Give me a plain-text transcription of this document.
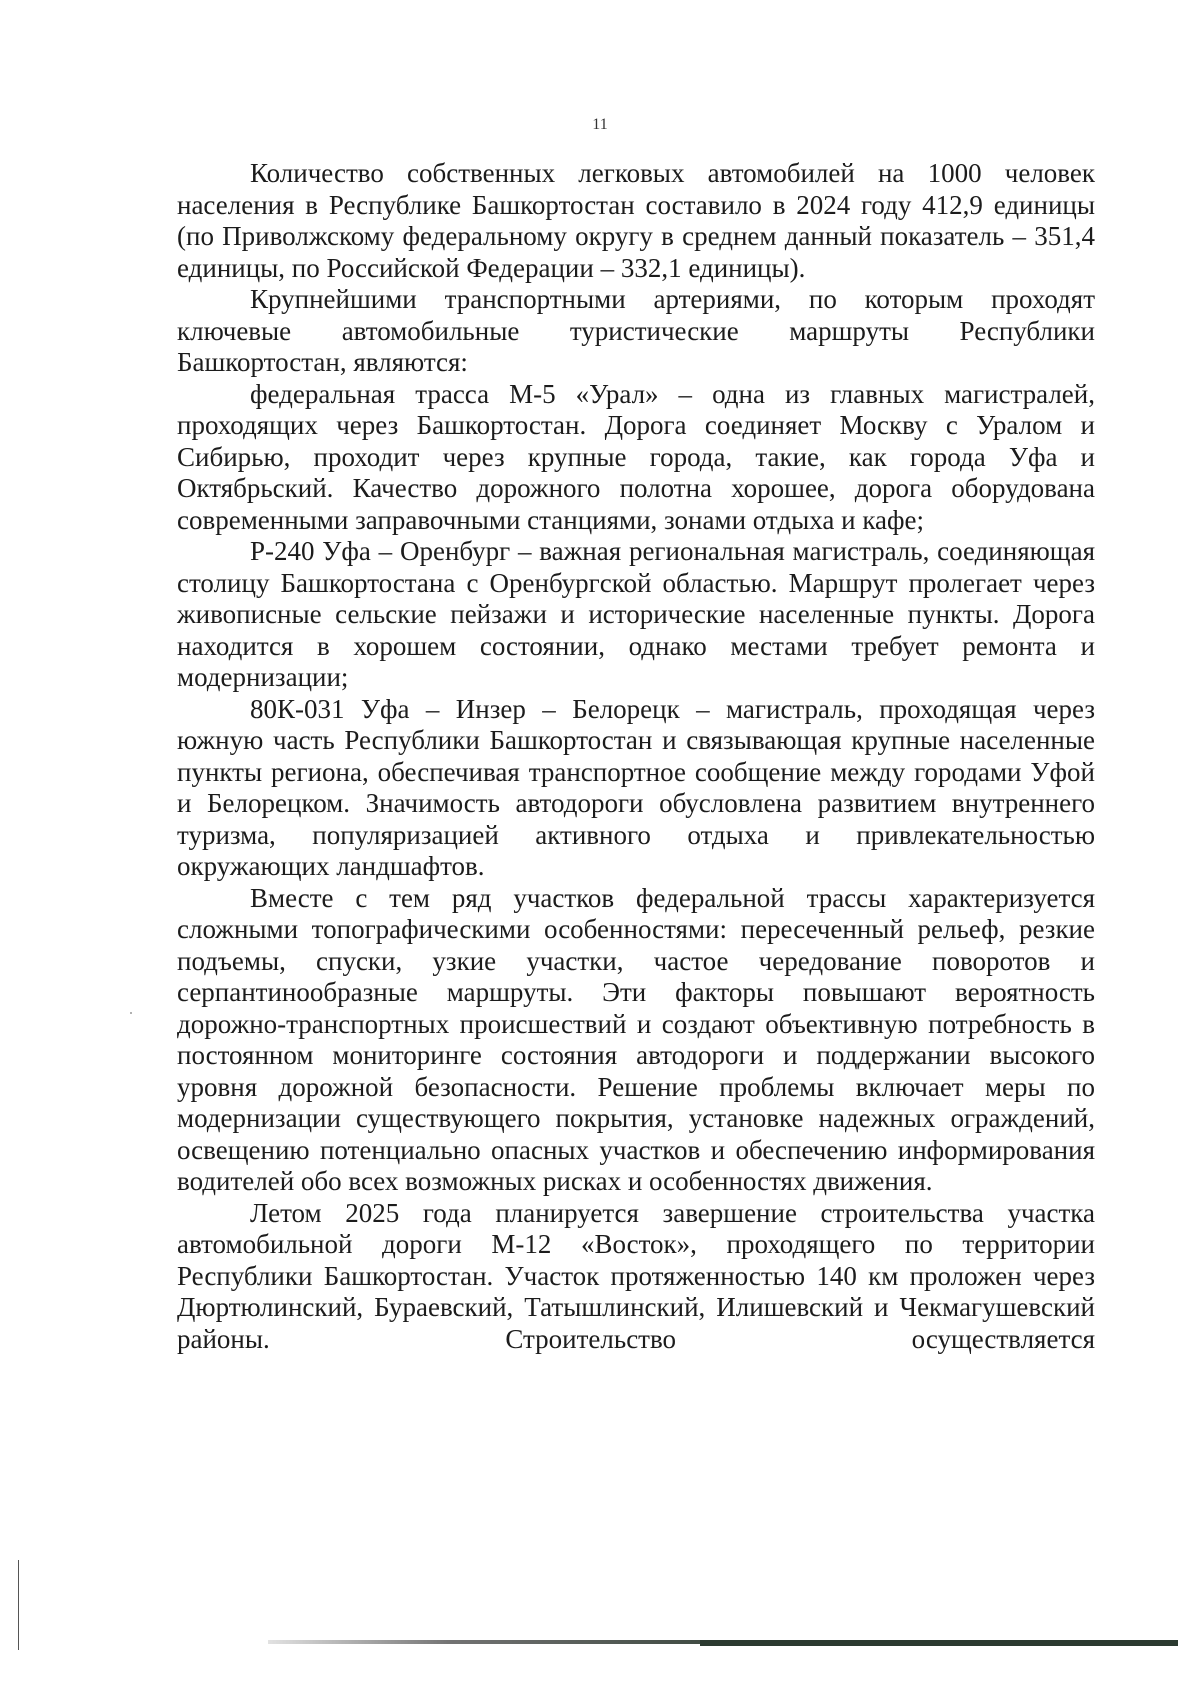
11

Количество собственных легковых автомобилей на 1000 человек населения в Республике Башкортостан составило в 2024 году 412,9 единицы (по Приволжскому федеральному округу в среднем данный показатель – 351,4 единицы, по Российской Федерации – 332,1 единицы).

Крупнейшими транспортными артериями, по которым проходят ключевые автомобильные туристические маршруты Республики Башкортостан, являются:

федеральная трасса М-5 «Урал» – одна из главных магистралей, проходящих через Башкортостан. Дорога соединяет Москву с Уралом и Сибирью, проходит через крупные города, такие, как города Уфа и Октябрьский. Качество дорожного полотна хорошее, дорога оборудована современными заправочными станциями, зонами отдыха и кафе;

Р-240 Уфа – Оренбург – важная региональная магистраль, соединяющая столицу Башкортостана с Оренбургской областью. Маршрут пролегает через живописные сельские пейзажи и исторические населенные пункты. Дорога находится в хорошем состоянии, однако местами требует ремонта и модернизации;

80К-031 Уфа – Инзер – Белорецк – магистраль, проходящая через южную часть Республики Башкортостан и связывающая крупные населенные пункты региона, обеспечивая транспортное сообщение между городами Уфой и Белорецком. Значимость автодороги обусловлена развитием внутреннего туризма, популяризацией активного отдыха и привлекательностью окружающих ландшафтов.

Вместе с тем ряд участков федеральной трассы характеризуется сложными топографическими особенностями: пересеченный рельеф, резкие подъемы, спуски, узкие участки, частое чередование поворотов и серпантинообразные маршруты. Эти факторы повышают вероятность дорожно-транспортных происшествий и создают объективную потребность в постоянном мониторинге состояния автодороги и поддержании высокого уровня дорожной безопасности. Решение проблемы включает меры по модернизации существующего покрытия, установке надежных ограждений, освещению потенциально опасных участков и обеспечению информирования водителей обо всех возможных рисках и особенностях движения.

Летом 2025 года планируется завершение строительства участка автомобильной дороги М-12 «Восток», проходящего по территории Республики Башкортостан. Участок протяженностью 140 км проложен через Дюртюлинский, Бураевский, Татышлинский, Илишевский и Чекмагушевский районы. Строительство осуществляется
